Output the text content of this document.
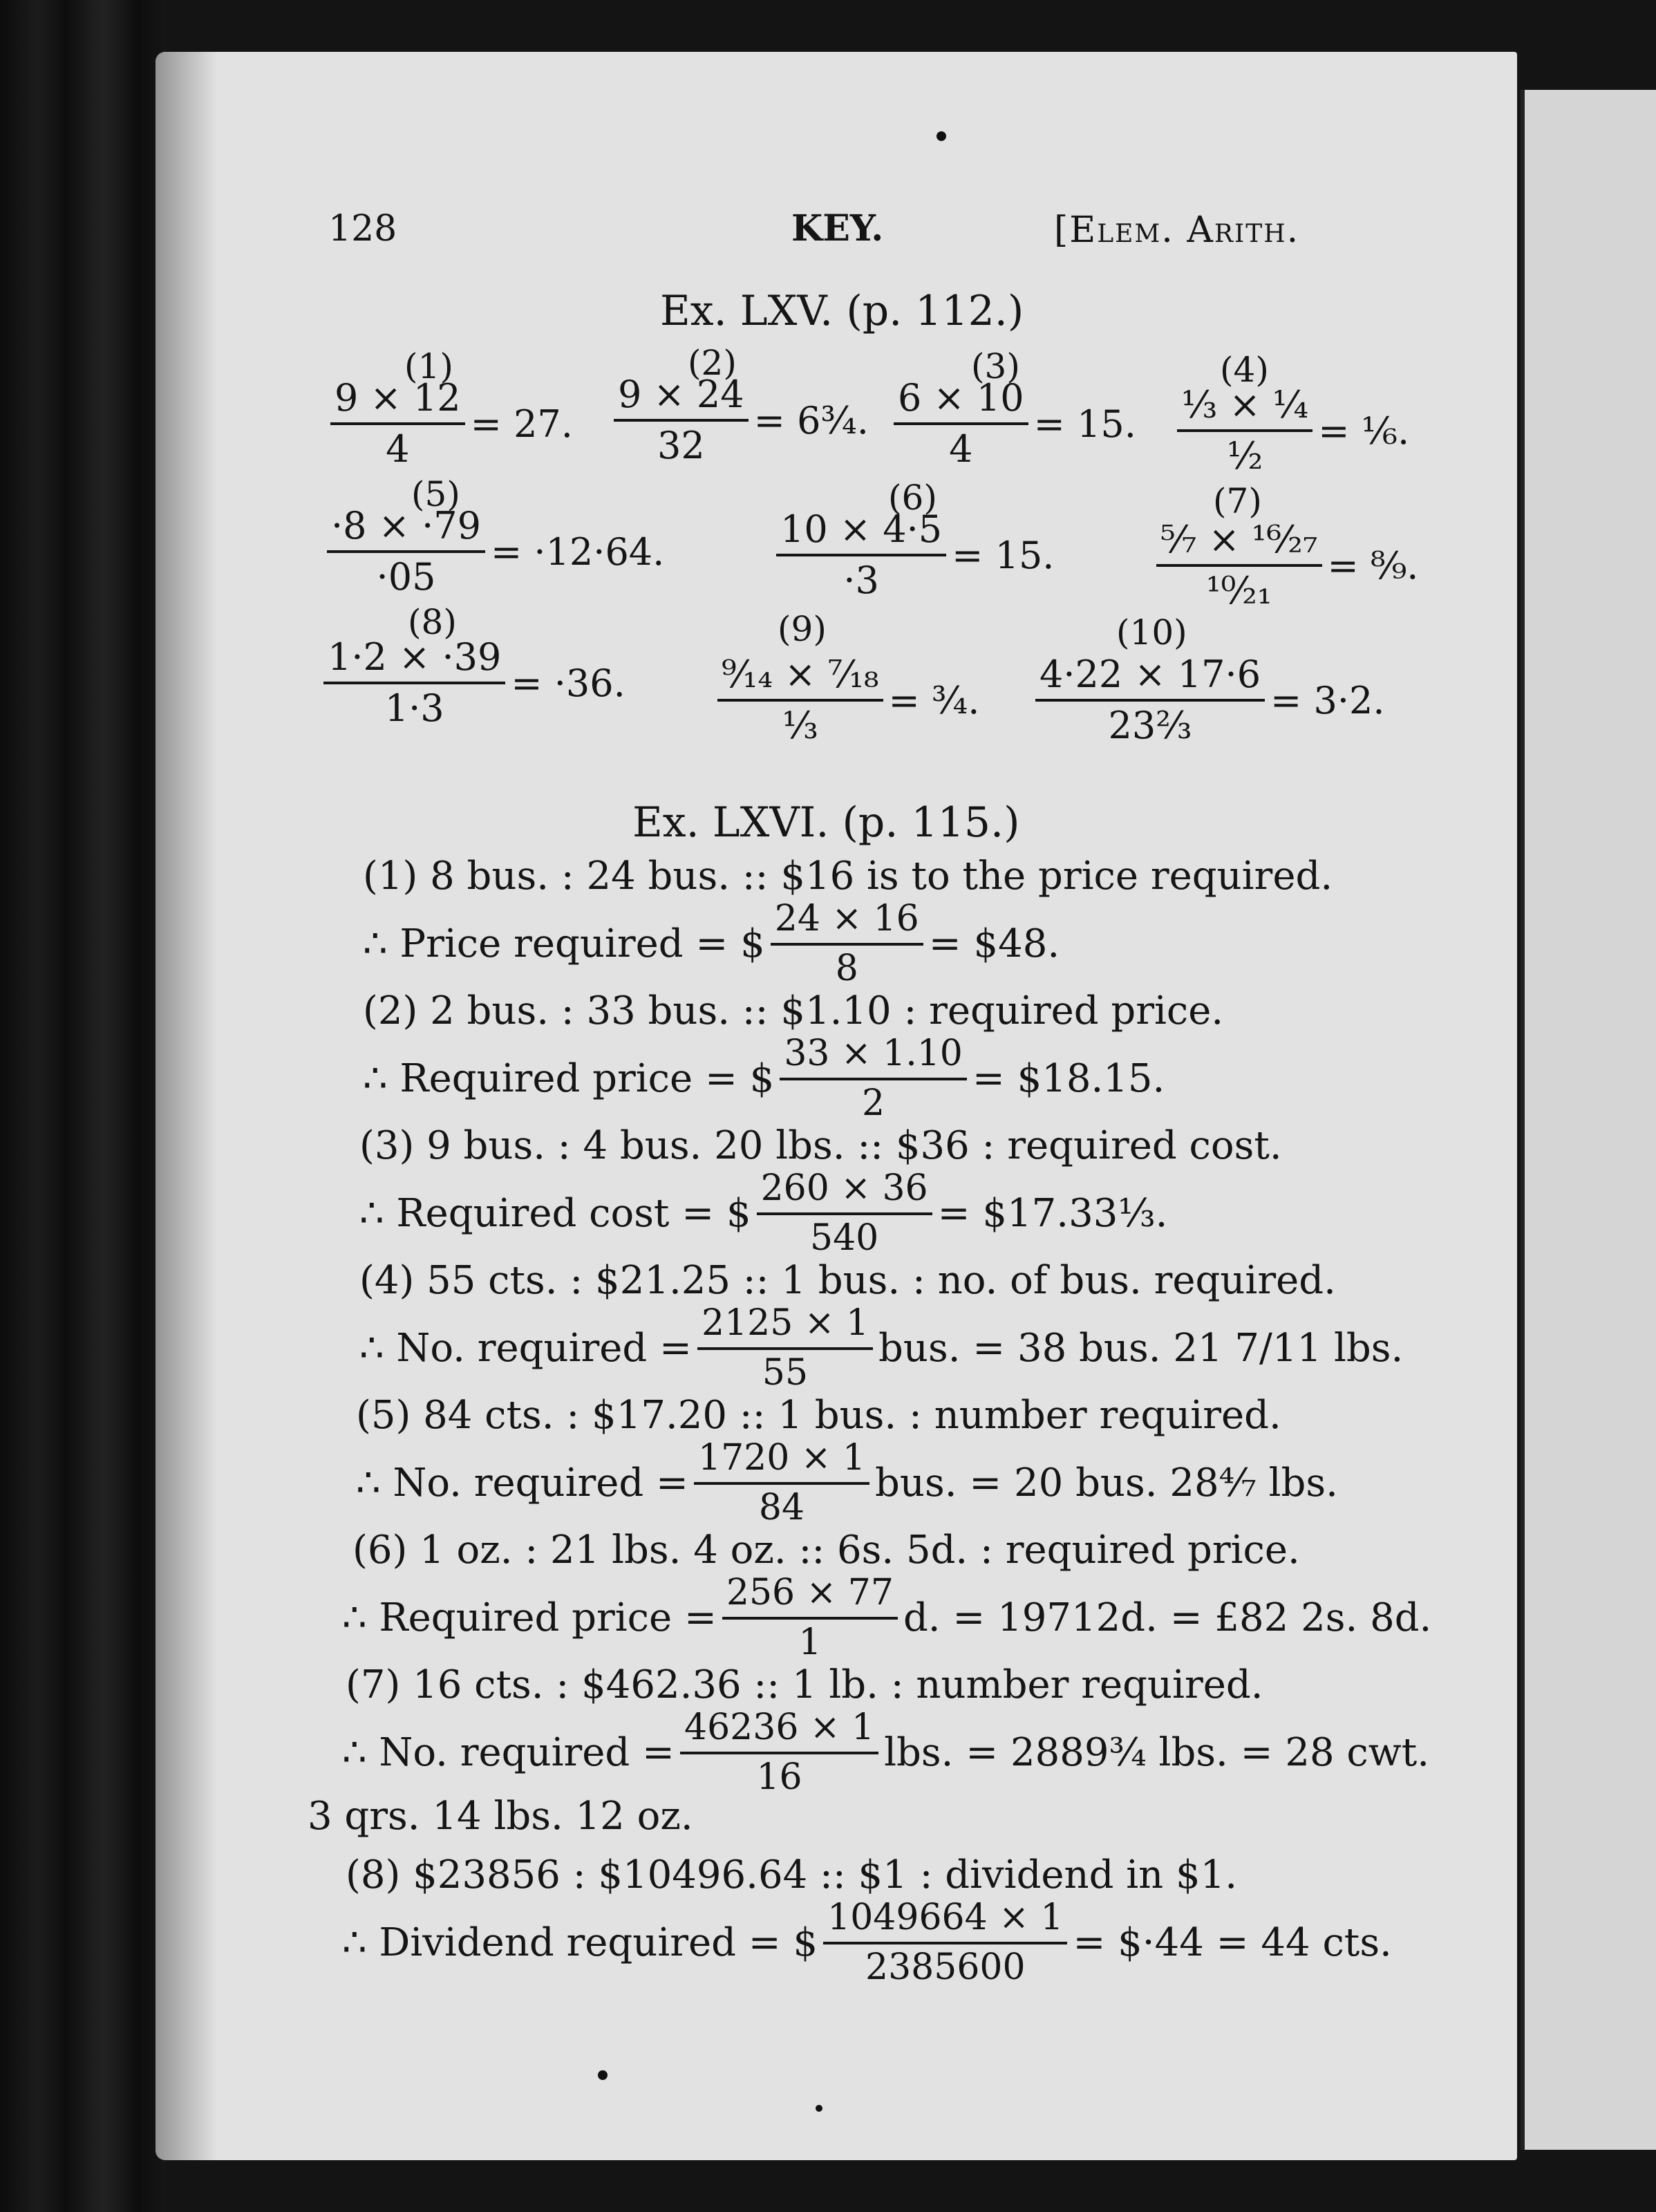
128	KEY.	[Elem. Arith.
Ex. LXV. (p. 112.)
(1)
$\frac{9 \times 12}{4} = 27$.
(2)
$\frac{9 \times 24}{32}$ = 6¾.
(3)
$\frac{6 \times 10}{4} = 15$.
(4)
⅓ × ¼
½
= ⅙.
(5)
$\frac{\cdot 8 \times \cdot 79}{\cdot 05} = \cdot 12\cdot 64$.
(6)
$\frac{10 \times 4\cdot 5}{\cdot 3} = 15$.
(7)
⁵⁄₇ × ¹⁶⁄₂₇
¹⁰⁄₂₁
= ⁸⁄₉.
(8)
$\frac{1\cdot 2 \times \cdot 39}{1\cdot 3} = \cdot 36$.
(9)
⁹⁄₁₄ × ⁷⁄₁₈
⅓
= ¾.
(10)
$\frac{4\cdot 22 \times 17\cdot 6}{\text{23⅔}} = 3\cdot 2$.
Ex. LXVI. (p. 115.)
(1) 8 bus. : 24 bus. :: $16 is to the price required.
∴ Price required = $ $\frac{24 \times 16}{8}$ = $48.
(2) 2 bus. : 33 bus. :: $1.10 : required price.
∴ Required price = $ $\frac{33 \times 1.10}{2}$ = $18.15.
(3) 9 bus. : 4 bus. 20 lbs. :: $36 : required cost.
∴ Required cost = $ $\frac{260 \times 36}{540}$ = $17.33⅓.
(4) 55 cts. : $21.25 :: 1 bus. : no. of bus. required.
∴ No. required = $\frac{2125 \times 1}{55}$ bus. = 38 bus. 21 7/11 lbs.
(5) 84 cts. : $17.20 :: 1 bus. : number required.
∴ No. required = $\frac{1720 \times 1}{84}$ bus. = 20 bus. 28⁴⁄₇ lbs.
(6) 1 oz. : 21 lbs. 4 oz. :: 6s. 5d. : required price.
∴ Required price = $\frac{256 \times 77}{1} d$. = 19712d. = £82 2s. 8d.
(7) 16 cts. : $462.36 :: 1 lb. : number required.
∴ No. required = $\frac{46236 \times 1}{16}$ lbs. = 2889¾ lbs. = 28 cwt.
3 qrs. 14 lbs. 12 oz.
(8) $23856 : $10496.64 :: $1 : dividend in $1.
∴ Dividend required = $ $\frac{1049664 \times 1}{2385600}$ = $·44 = 44 cts.
